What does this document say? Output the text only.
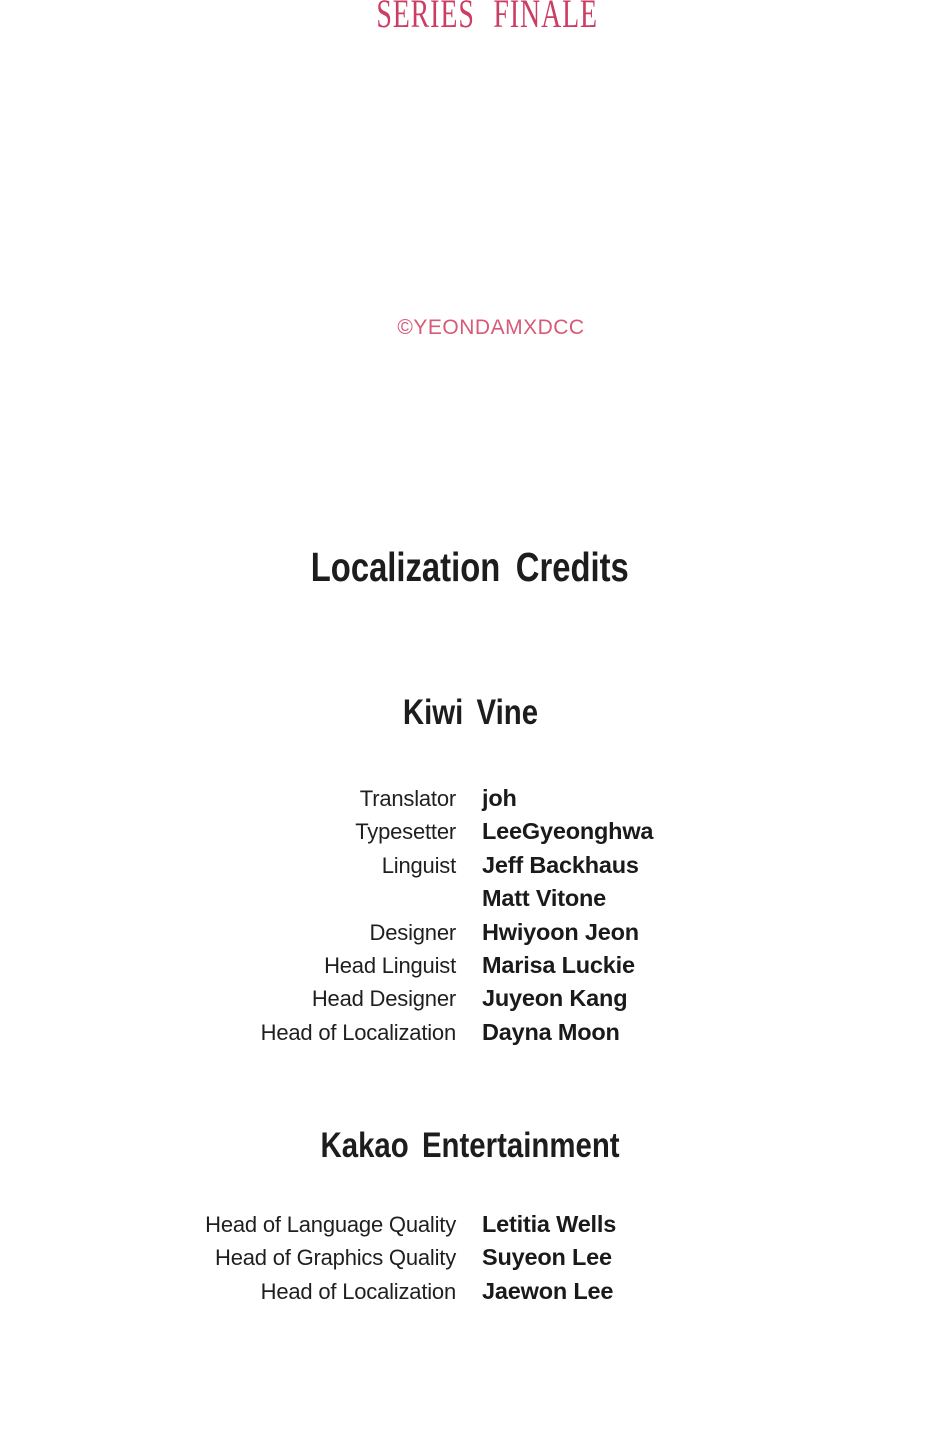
SERIES FINALE
©YEONDAMXDCC
Localization Credits
Kiwi Vine
Translator joh
Typesetter LeeGyeonghwa
Linguist Jeff Backhaus
Matt Vitone
Designer Hwiyoon Jeon
Head Linguist Marisa Luckie
Head Designer Juyeon Kang
Head of Localization Dayna Moon
Kakao Entertainment
Head of Language Quality Letitia Wells
Head of Graphics Quality Suyeon Lee
Head of Localization Jaewon Lee
